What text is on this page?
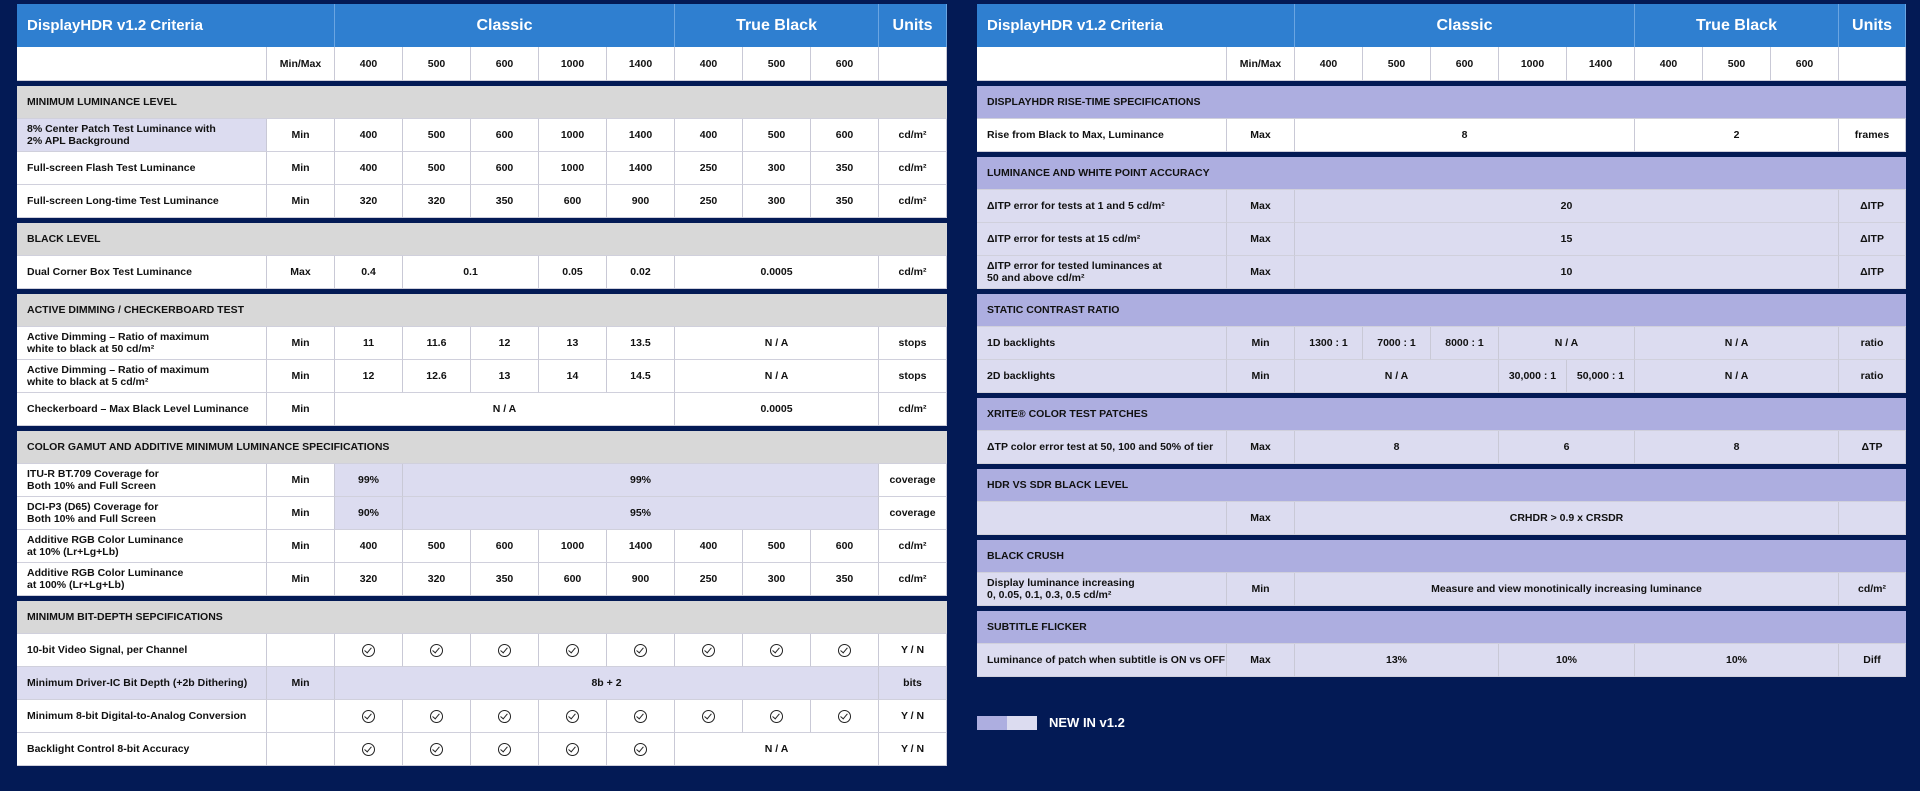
DisplayHDR v1.2 Criteria		Classic					True Black			Units
	Min/Max	400	500	600	1000	1400	400	500	600	

MINIMUM LUMINANCE LEVEL										
8% Center Patch Test Luminance with
2% APL Background	Min	400	500	600	1000	1400	400	500	600	cd/m²
Full-screen Flash Test Luminance	Min	400	500	600	1000	1400	250	300	350	cd/m²
Full-screen Long-time Test Luminance	Min	320	320	350	600	900	250	300	350	cd/m²

BLACK LEVEL										
Dual Corner Box Test Luminance	Max	0.4	0.1		0.05	0.02	0.0005			cd/m²

ACTIVE DIMMING / CHECKERBOARD TEST										
Active Dimming – Ratio of maximum
white to black at 50 cd/m²	Min	11	11.6	12	13	13.5	N / A			stops
Active Dimming – Ratio of maximum
white to black at 5 cd/m²	Min	12	12.6	13	14	14.5	N / A			stops
Checkerboard – Max Black Level Luminance	Min	N / A					0.0005			cd/m²

COLOR GAMUT AND ADDITIVE MINIMUM LUMINANCE SPECIFICATIONS										
ITU-R BT.709 Coverage for
Both 10% and Full Screen	Min	99%	99%							coverage
DCI-P3 (D65) Coverage for
Both 10% and Full Screen	Min	90%	95%							coverage
Additive RGB Color Luminance
at 10% (Lr+Lg+Lb)	Min	400	500	600	1000	1400	400	500	600	cd/m²
Additive RGB Color Luminance
at 100% (Lr+Lg+Lb)	Min	320	320	350	600	900	250	300	350	cd/m²

MINIMUM BIT-DEPTH SEPCIFICATIONS										
10-bit Video Signal, per Channel										Y / N
Minimum Driver-IC Bit Depth (+2b Dithering)	Min	8b + 2								bits
Minimum 8-bit Digital-to-Analog Conversion										Y / N
Backlight Control 8-bit Accuracy							N / A			Y / N
DisplayHDR v1.2 Criteria		Classic					True Black			Units
	Min/Max	400	500	600	1000	1400	400	500	600	

DISPLAYHDR RISE-TIME SPECIFICATIONS										
Rise from Black to Max, Luminance	Max	8					2			frames

LUMINANCE AND WHITE POINT ACCURACY										
ΔITP error for tests at 1 and 5 cd/m²	Max	20								ΔITP
ΔITP error for tests at 15 cd/m²	Max	15								ΔITP
ΔITP error for tested luminances at
50 and above cd/m²	Max	10								ΔITP

STATIC CONTRAST RATIO										
1D backlights	Min	1300 : 1	7000 : 1	8000 : 1	N / A		N / A			ratio
2D backlights	Min	N / A			30,000 : 1	50,000 : 1	N / A			ratio

XRITE® COLOR TEST PATCHES										
ΔTP color error test at 50, 100 and 50% of tier	Max	8			6		8			ΔTP

HDR VS SDR BLACK LEVEL										
	Max	CRHDR > 0.9 x CRSDR								

BLACK CRUSH										
Display luminance increasing
0, 0.05, 0.1, 0.3, 0.5 cd/m²	Min	Measure and view monotinically increasing luminance								cd/m²

SUBTITLE FLICKER										
Luminance of patch when subtitle is ON vs OFF	Max	13%			10%		10%			Diff
NEW IN v1.2
